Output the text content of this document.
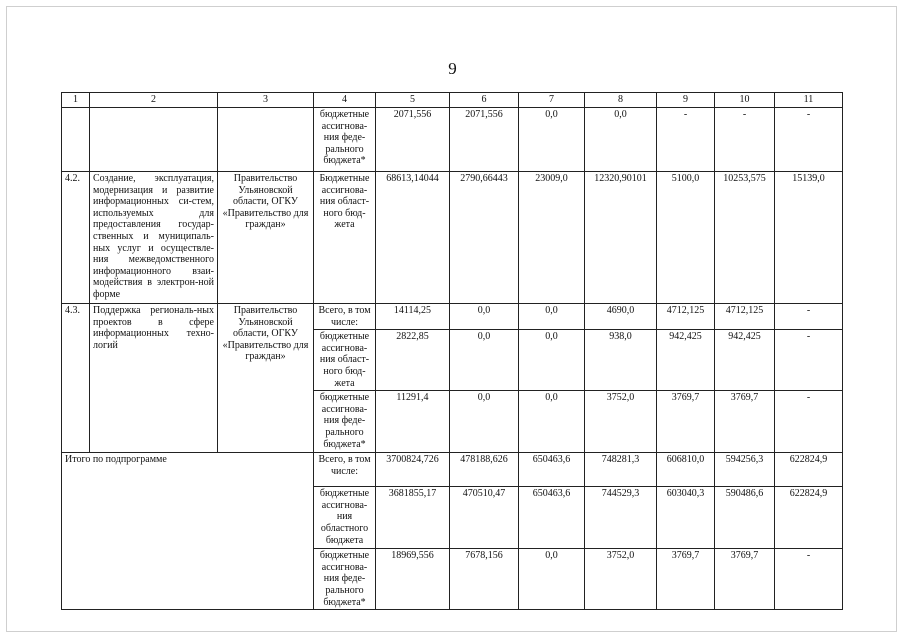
9
1	2	3	4	5	6	7	8	9	10	11
			бюджетные ассигнова-ния феде-рального бюджета*	2071,556	2071,556	0,0	0,0	-	-	-
4.2.	Создание, эксплуатация, модернизация и развитие информационных си-стем, используемых для предоставления государ-ственных и муниципаль-ных услуг и осуществле-ния межведомственного информационного взаи-модействия в электрон-ной форме	Правительство Ульяновской области, ОГКУ «Правительство для граждан»	Бюджетные ассигнова-ния област-ного бюд-жета	68613,14044	2790,66443	23009,0	12320,90101	5100,0	10253,575	15139,0
4.3.	Поддержка региональ-ных проектов в сфере информационных техно-логий	Правительство Ульяновской области, ОГКУ «Правительство для граждан»	Всего, в том числе:	14114,25	0,0	0,0	4690,0	4712,125	4712,125	-
			бюджетные ассигнова-ния област-ного бюд-жета	2822,85	0,0	0,0	938,0	942,425	942,425	-
			бюджетные ассигнова-ния феде-рального бюджета*	11291,4	0,0	0,0	3752,0	3769,7	3769,7	-
Итого по подпрограмме			Всего, в том числе:	3700824,726	478188,626	650463,6	748281,3	606810,0	594256,3	622824,9
			бюджетные ассигнова-ния областного бюджета	3681855,17	470510,47	650463,6	744529,3	603040,3	590486,6	622824,9
			бюджетные ассигнова-ния феде-рального бюджета*	18969,556	7678,156	0,0	3752,0	3769,7	3769,7	-
